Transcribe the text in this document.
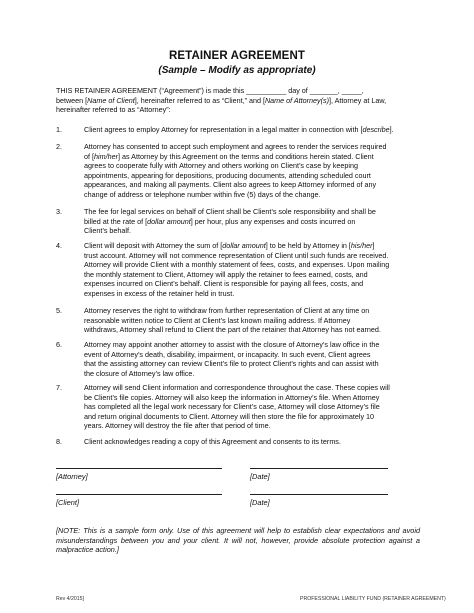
RETAINER AGREEMENT
(Sample – Modify as appropriate)
THIS RETAINER AGREEMENT (“Agreement”) is made this __________ day of _______, _____,
between [Name of Client], hereinafter referred to as “Client,” and [Name of Attorney(s)], Attorney at Law,
hereinafter referred to as “Attorney”:
1.	Client agrees to employ Attorney for representation in a legal matter in connection with [describe].
2.	Attorney has consented to accept such employment and agrees to render the services required
of [him/her] as Attorney by this Agreement on the terms and conditions herein stated. Client
agrees to cooperate fully with Attorney and others working on Client’s case by keeping
appointments, appearing for depositions, producing documents, attending scheduled court
appearances, and making all payments. Client also agrees to keep Attorney informed of any
change of address or telephone number within five (5) days of the change.
3.	The fee for legal services on behalf of Client shall be Client’s sole responsibility and shall be
billed at the rate of [dollar amount] per hour, plus any expenses and costs incurred on
Client’s behalf.
4.	Client will deposit with Attorney the sum of [dollar amount] to be held by Attorney in [his/her]
trust account. Attorney will not commence representation of Client until such funds are received.
Attorney will provide Client with a monthly statement of fees, costs, and expenses. Upon mailing
the monthly statement to Client, Attorney will apply the retainer to fees earned, costs, and
expenses incurred on Client’s behalf. Client is responsible for paying all fees, costs, and
expenses in excess of the retainer held in trust.
5.	Attorney reserves the right to withdraw from further representation of Client at any time on
reasonable written notice to Client at Client’s last known mailing address. If Attorney
withdraws, Attorney shall refund to Client the part of the retainer that Attorney has not earned.
6.	Attorney may appoint another attorney to assist with the closure of Attorney’s law office in the
event of Attorney’s death, disability, impairment, or incapacity. In such event, Client agrees
that the assisting attorney can review Client’s file to protect Client’s rights and can assist with
the closure of Attorney’s law office.
7.	Attorney will send Client information and correspondence throughout the case. These copies will
be Client’s file copies. Attorney will also keep the information in Attorney’s file. When Attorney
has completed all the legal work necessary for Client’s case, Attorney will close Attorney’s file
and return original documents to Client. Attorney will then store the file for approximately 10
years. Attorney will destroy the file after that period of time.
8.	Client acknowledges reading a copy of this Agreement and consents to its terms.
[Attorney]	[Date]
[Client]	[Date]
[NOTE: This is a sample form only. Use of this agreement will help to establish clear expectations and avoid misunderstandings between you and your client. It will not, however, provide absolute protection against a malpractice action.]
Rev 4/2015]	PROFESSIONAL LIABILITY FUND (RETAINER AGREEMENT)
